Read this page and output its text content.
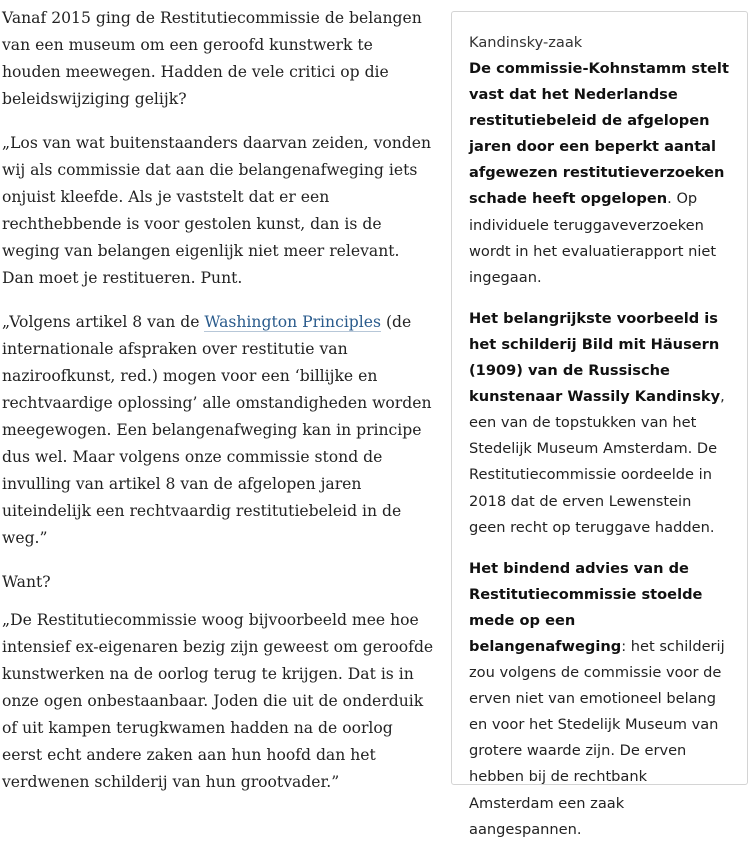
Vanaf 2015 ging de Restitutiecommissie de belangen van een museum om een geroofd kunstwerk te houden meewegen. Hadden de vele critici op die beleidswijziging gelijk?

„Los van wat buitenstaanders daarvan zeiden, vonden wij als commissie dat aan die belangenafweging iets onjuist kleefde. Als je vaststelt dat er een rechthebbende is voor gestolen kunst, dan is de weging van belangen eigenlijk niet meer relevant. Dan moet je restitueren. Punt.

„Volgens artikel 8 van de Washington Principles (de internationale afspraken over restitutie van naziroofkunst, red.) mogen voor een ‘billijke en rechtvaardige oplossing’ alle omstandigheden worden meegewogen. Een belangenafweging kan in principe dus wel. Maar volgens onze commissie stond de invulling van artikel 8 van de afgelopen jaren uiteindelijk een rechtvaardig restitutiebeleid in de weg.”

Want?

„De Restitutiecommissie woog bijvoorbeeld mee hoe intensief ex-eigenaren bezig zijn geweest om geroofde kunstwerken na de oorlog terug te krijgen. Dat is in onze ogen onbestaanbaar. Joden die uit de onderduik of uit kampen terugkwamen hadden na de oorlog eerst echt andere zaken aan hun hoofd dan het verdwenen schilderij van hun grootvader.”

Kandinsky-zaak

De commissie-Kohnstamm stelt vast dat het Nederlandse restitutiebeleid de afgelopen jaren door een beperkt aantal afgewezen restitutieverzoeken schade heeft opgelopen. Op individuele teruggaveverzoeken wordt in het evaluatierapport niet ingegaan.

Het belangrijkste voorbeeld is het schilderij Bild mit Häusern (1909) van de Russische kunstenaar Wassily Kandinsky, een van de topstukken van het Stedelijk Museum Amsterdam. De Restitutiecommissie oordeelde in 2018 dat de erven Lewenstein geen recht op teruggave hadden.

Het bindend advies van de Restitutiecommissie stoelde mede op een belangenafweging: het schilderij zou volgens de commissie voor de erven niet van emotioneel belang en voor het Stedelijk Museum van grotere waarde zijn. De erven hebben bij de rechtbank Amsterdam een zaak aangespannen.
